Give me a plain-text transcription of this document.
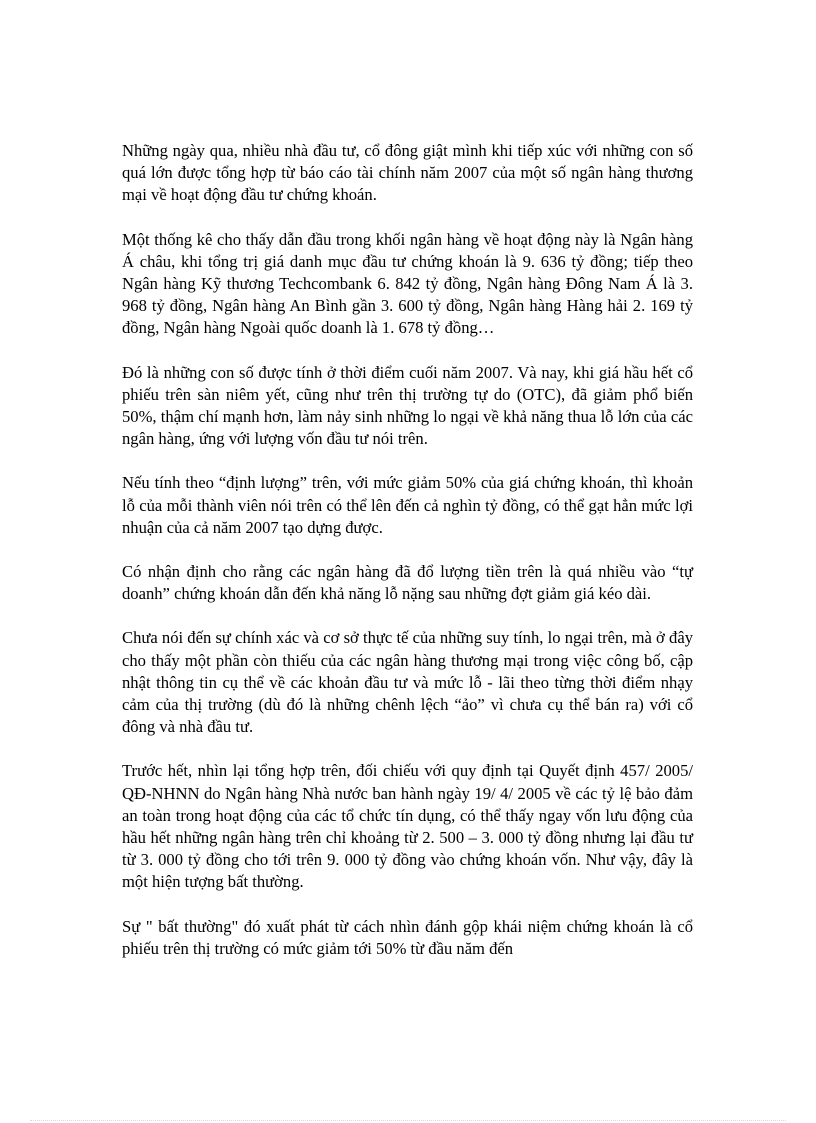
Những ngày qua, nhiều nhà đầu tư, cổ đông giật mình khi tiếp xúc với những con số quá lớn được tổng hợp từ báo cáo tài chính năm 2007 của một số ngân hàng thương mại về hoạt động đầu tư chứng khoán.

Một thống kê cho thấy dẫn đầu trong khối ngân hàng về hoạt động này là Ngân hàng Á châu, khi tổng trị giá danh mục đầu tư chứng khoán là 9. 636 tỷ đồng; tiếp theo Ngân hàng Kỹ thương Techcombank 6. 842 tỷ đồng, Ngân hàng Đông Nam Á là 3. 968 tỷ đồng, Ngân hàng An Bình gần 3. 600 tỷ đồng, Ngân hàng Hàng hải 2. 169 tỷ đồng, Ngân hàng Ngoài quốc doanh là 1. 678 tỷ đồng…

Đó là những con số được tính ở thời điểm cuối năm 2007. Và nay, khi giá hầu hết cổ phiếu trên sàn niêm yết, cũng như trên thị trường tự do (OTC), đã giảm phổ biến 50%, thậm chí mạnh hơn, làm nảy sinh những lo ngại về khả năng thua lỗ lớn của các ngân hàng, ứng với lượng vốn đầu tư nói trên.

Nếu tính theo “định lượng” trên, với mức giảm 50% của giá chứng khoán, thì khoản lỗ của mỗi thành viên nói trên có thể lên đến cả nghìn tỷ đồng, có thể gạt hẳn mức lợi nhuận của cả năm 2007 tạo dựng được.

Có nhận định cho rằng các ngân hàng đã đổ lượng tiền trên là quá nhiều vào “tự doanh” chứng khoán dẫn đến khả năng lỗ nặng sau những đợt giảm giá kéo dài.

Chưa nói đến sự chính xác và cơ sở thực tế của những suy tính, lo ngại trên, mà ở đây cho thấy một phần còn thiếu của các ngân hàng thương mại trong việc công bố, cập nhật thông tin cụ thể về các khoản đầu tư và mức lỗ - lãi theo từng thời điểm nhạy cảm của thị trường (dù đó là những chênh lệch “ảo” vì chưa cụ thể bán ra) với cổ đông và nhà đầu tư.

Trước hết, nhìn lại tổng hợp trên, đối chiếu với quy định tại Quyết định 457/ 2005/ QĐ-NHNN do Ngân hàng Nhà nước ban hành ngày 19/ 4/ 2005 về các tỷ lệ bảo đảm an toàn trong hoạt động của các tổ chức tín dụng, có thể thấy ngay vốn lưu động của hầu hết những ngân hàng trên chỉ khoảng từ 2. 500 – 3. 000 tỷ đồng nhưng lại đầu tư từ 3. 000 tỷ đồng cho tới trên 9. 000 tỷ đồng vào chứng khoán vốn. Như vậy, đây là một hiện tượng bất thường.

Sự " bất thường" đó xuất phát từ cách nhìn đánh gộp khái niệm chứng khoán là cổ phiếu trên thị trường có mức giảm tới 50% từ đầu năm đến
